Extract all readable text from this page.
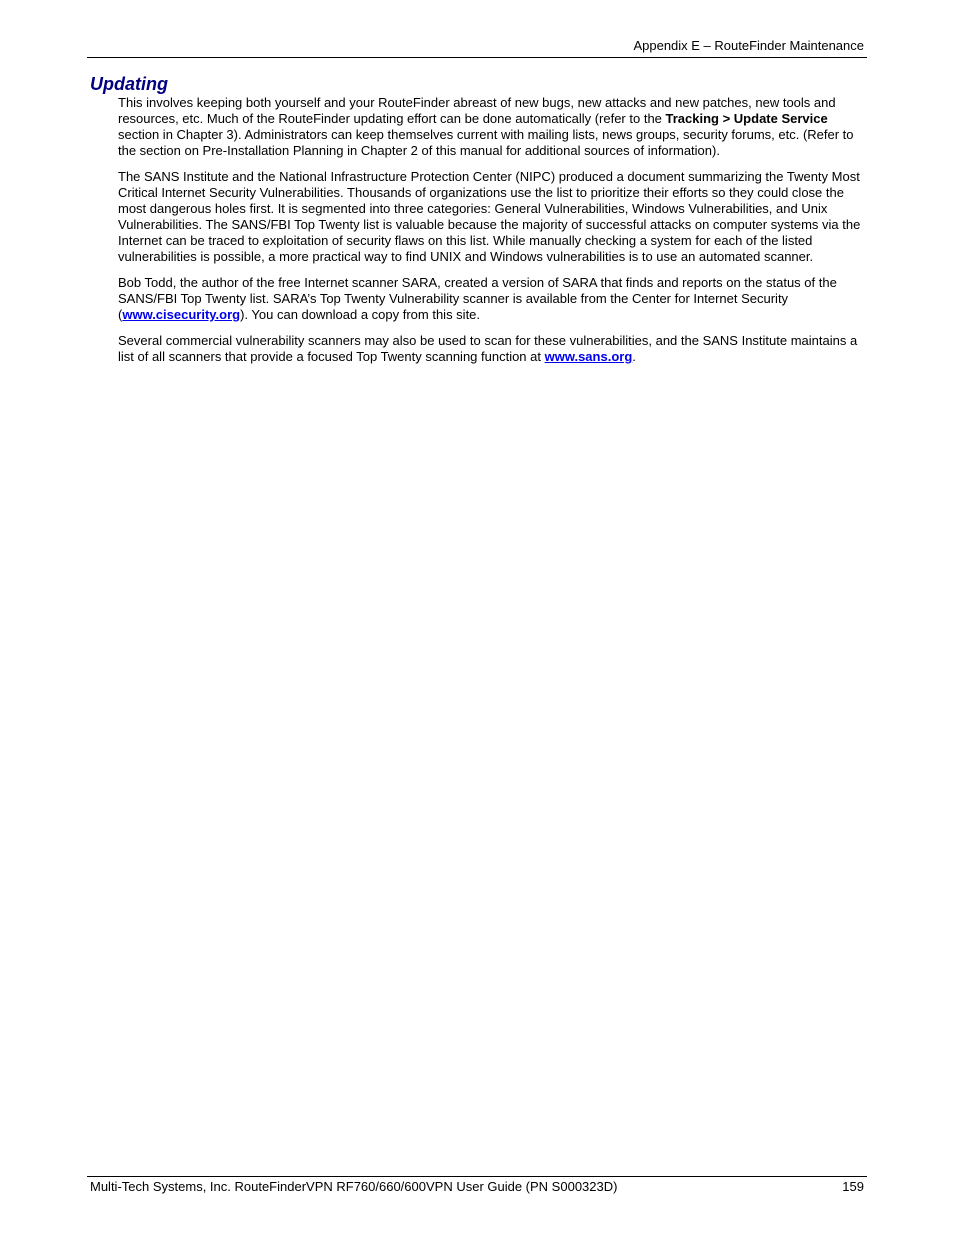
Appendix E – RouteFinder Maintenance
Updating

This involves keeping both yourself and your RouteFinder abreast of new bugs, new attacks and new patches, new tools and resources, etc. Much of the RouteFinder updating effort can be done automatically (refer to the Tracking > Update Service section in Chapter 3). Administrators can keep themselves current with mailing lists, news groups, security forums, etc. (Refer to the section on Pre-Installation Planning in Chapter 2 of this manual for additional sources of information).

The SANS Institute and the National Infrastructure Protection Center (NIPC) produced a document summarizing the Twenty Most Critical Internet Security Vulnerabilities. Thousands of organizations use the list to prioritize their efforts so they could close the most dangerous holes first. It is segmented into three categories: General Vulnerabilities, Windows Vulnerabilities, and Unix Vulnerabilities. The SANS/FBI Top Twenty list is valuable because the majority of successful attacks on computer systems via the Internet can be traced to exploitation of security flaws on this list. While manually checking a system for each of the listed vulnerabilities is possible, a more practical way to find UNIX and Windows vulnerabilities is to use an automated scanner.

Bob Todd, the author of the free Internet scanner SARA, created a version of SARA that finds and reports on the status of the SANS/FBI Top Twenty list. SARA’s Top Twenty Vulnerability scanner is available from the Center for Internet Security (www.cisecurity.org). You can download a copy from this site.

Several commercial vulnerability scanners may also be used to scan for these vulnerabilities, and the SANS Institute maintains a list of all scanners that provide a focused Top Twenty scanning function at www.sans.org.

Multi-Tech Systems, Inc. RouteFinderVPN RF760/660/600VPN User Guide (PN S000323D)	159
